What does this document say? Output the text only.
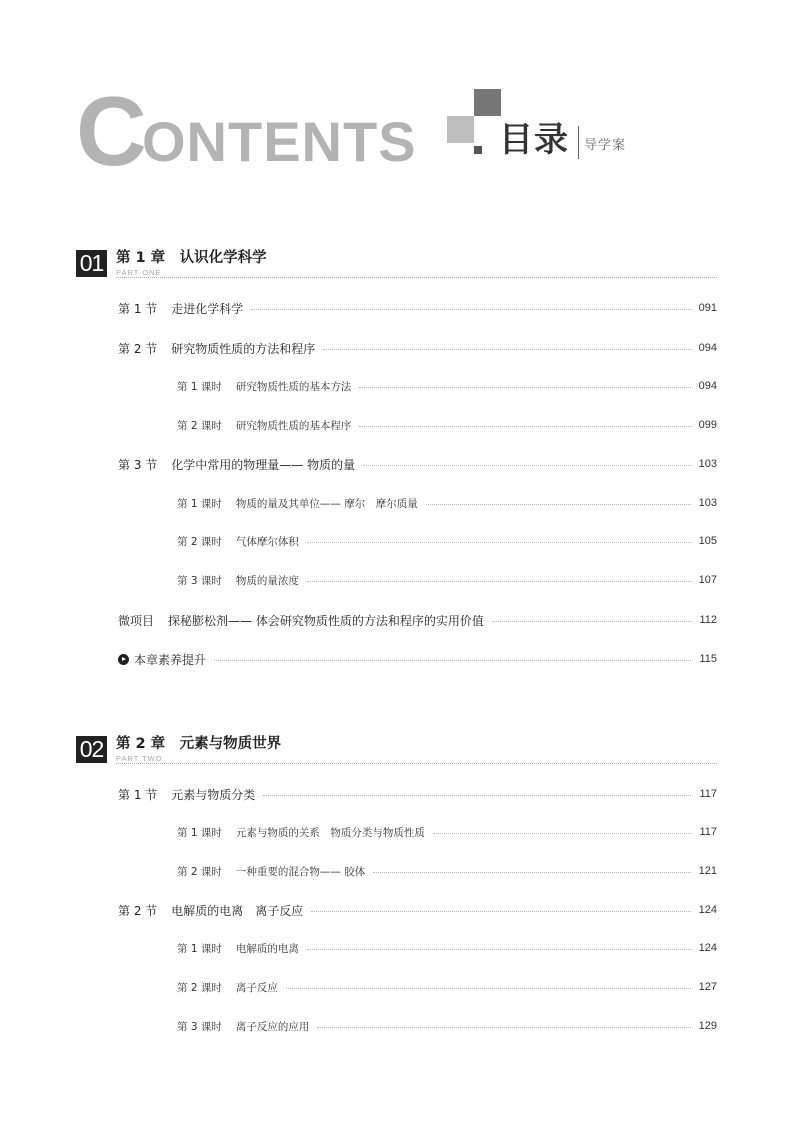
C
ONTENTS 目录 导学案
01 第 1 章　认识化学科学
PART ONE
第 1 节 走进化学科学	091
第 2 节 研究物质性质的方法和程序	094
第 1 课时 研究物质性质的基本方法	094
第 2 课时 研究物质性质的基本程序	099
第 3 节 化学中常用的物理量—— 物质的量	103
第 1 课时 物质的量及其单位—— 摩尔　摩尔质量	103
第 2 课时 气体摩尔体积	105
第 3 课时 物质的量浓度	107
微项目 探秘膨松剂—— 体会研究物质性质的方法和程序的实用价值	112
本章素养提升	115
02 第 2 章　元素与物质世界
PART TWO
第 1 节 元素与物质分类	117
第 1 课时 元素与物质的关系　物质分类与物质性质	117
第 2 课时 一种重要的混合物—— 胶体	121
第 2 节 电解质的电离　离子反应	124
第 1 课时 电解质的电离	124
第 2 课时 离子反应	127
第 3 课时 离子反应的应用	129
